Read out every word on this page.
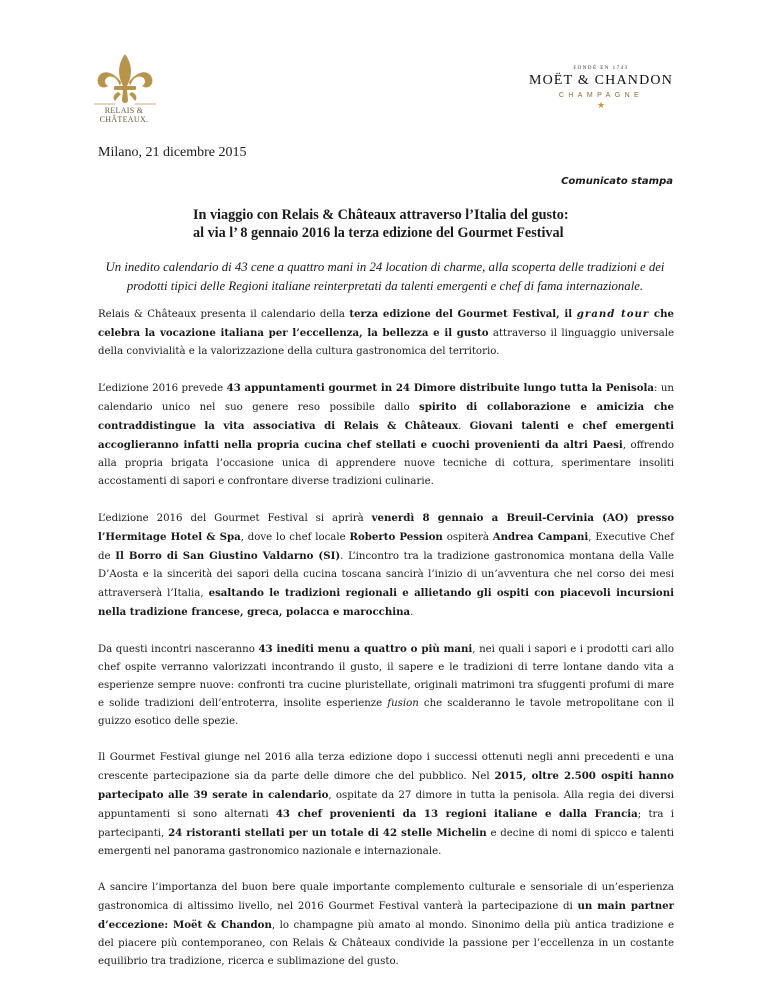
RELAIS &
CHÂTEAUX.
FONDÉ EN 1743
MOËT & CHANDON
CHAMPAGNE
★
Milano, 21 dicembre 2015
Comunicato stampa
In viaggio con Relais & Châteaux attraverso l’Italia del gusto:
al via l’ 8 gennaio 2016 la terza edizione del Gourmet Festival
Un inedito calendario di 43 cene a quattro mani in 24 location di charme, alla scoperta delle tradizioni e dei prodotti tipici delle Regioni italiane reinterpretati da talenti emergenti e chef di fama internazionale.

Relais & Châteaux presenta il calendario della terza edizione del Gourmet Festival, il grand tour che celebra la vocazione italiana per l’eccellenza, la bellezza e il gusto attraverso il linguaggio universale della convivialità e la valorizzazione della cultura gastronomica del territorio.

L’edizione 2016 prevede 43 appuntamenti gourmet in 24 Dimore distribuite lungo tutta la Penisola: un calendario unico nel suo genere reso possibile dallo spirito di collaborazione e amicizia che contraddistingue la vita associativa di Relais & Châteaux. Giovani talenti e chef emergenti accoglieranno infatti nella propria cucina chef stellati e cuochi provenienti da altri Paesi, offrendo alla propria brigata l’occasione unica di apprendere nuove tecniche di cottura, sperimentare insoliti accostamenti di sapori e confrontare diverse tradizioni culinarie.

L’edizione 2016 del Gourmet Festival si aprirà venerdì 8 gennaio a Breuil-Cervinia (AO) presso l’Hermitage Hotel & Spa, dove lo chef locale Roberto Pession ospiterà Andrea Campani, Executive Chef de Il Borro di San Giustino Valdarno (SI). L’incontro tra la tradizione gastronomica montana della Valle D’Aosta e la sincerità dei sapori della cucina toscana sancirà l’inizio di un’avventura che nel corso dei mesi attraverserà l’Italia, esaltando le tradizioni regionali e allietando gli ospiti con piacevoli incursioni nella tradizione francese, greca, polacca e marocchina.

Da questi incontri nasceranno 43 inediti menu a quattro o più mani, nei quali i sapori e i prodotti cari allo chef ospite verranno valorizzati incontrando il gusto, il sapere e le tradizioni di terre lontane dando vita a esperienze sempre nuove: confronti tra cucine pluristellate, originali matrimoni tra sfuggenti profumi di mare e solide tradizioni dell’entroterra, insolite esperienze fusion che scalderanno le tavole metropolitane con il guizzo esotico delle spezie.

Il Gourmet Festival giunge nel 2016 alla terza edizione dopo i successi ottenuti negli anni precedenti e una crescente partecipazione sia da parte delle dimore che del pubblico. Nel 2015, oltre 2.500 ospiti hanno partecipato alle 39 serate in calendario, ospitate da 27 dimore in tutta la penisola. Alla regia dei diversi appuntamenti si sono alternati 43 chef provenienti da 13 regioni italiane e dalla Francia; tra i partecipanti, 24 ristoranti stellati per un totale di 42 stelle Michelin e decine di nomi di spicco e talenti emergenti nel panorama gastronomico nazionale e internazionale.

A sancire l’importanza del buon bere quale importante complemento culturale e sensoriale di un’esperienza gastronomica di altissimo livello, nel 2016 Gourmet Festival vanterà la partecipazione di un main partner d’eccezione: Moët & Chandon, lo champagne più amato al mondo. Sinonimo della più antica tradizione e del piacere più contemporaneo, con Relais & Châteaux condivide la passione per l’eccellenza in un costante equilibrio tra tradizione, ricerca e sublimazione del gusto.
